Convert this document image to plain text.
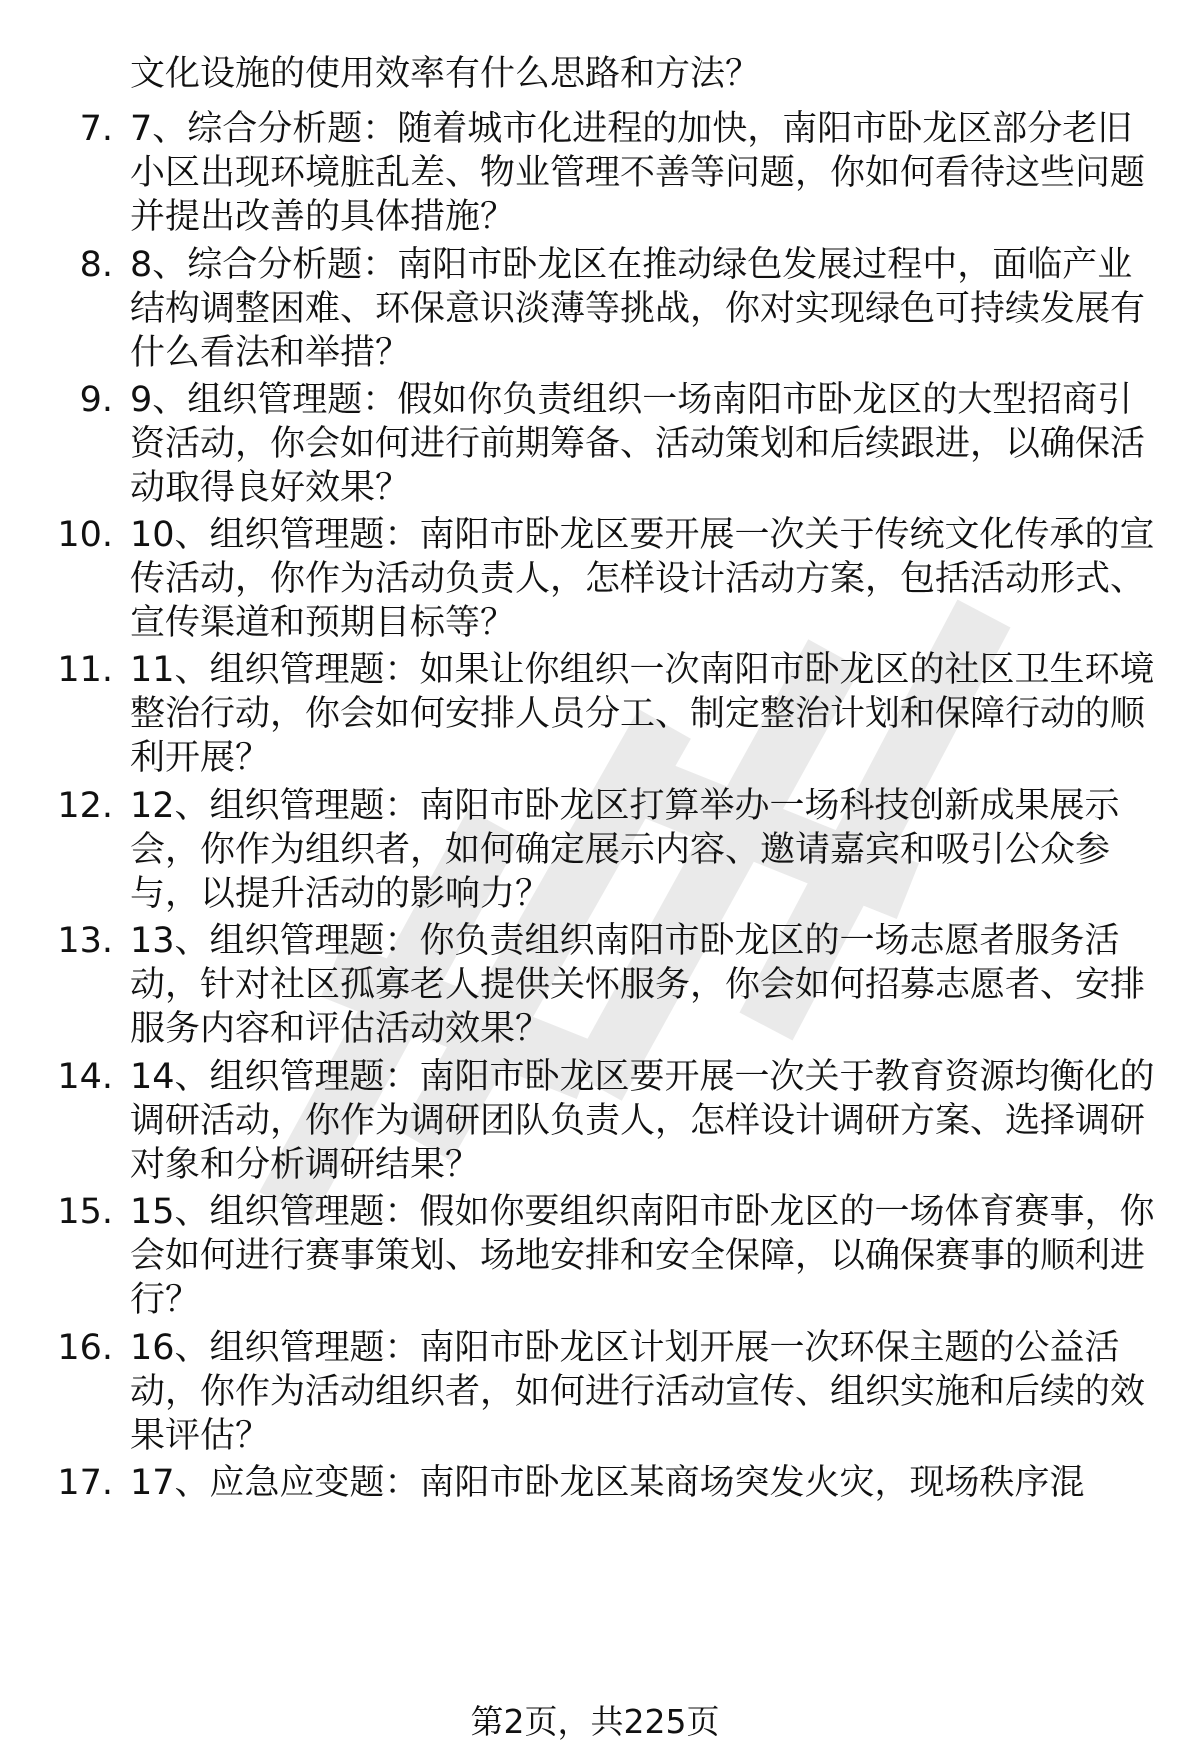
文化设施的使用效率有什么思路和方法？
7. 7、综合分析题：随着城市化进程的加快，南阳市卧龙区部分老旧小区出现环境脏乱差、物业管理不善等问题，你如何看待这些问题并提出改善的具体措施？
8. 8、综合分析题：南阳市卧龙区在推动绿色发展过程中，面临产业结构调整困难、环保意识淡薄等挑战，你对实现绿色可持续发展有什么看法和举措？
9. 9、组织管理题：假如你负责组织一场南阳市卧龙区的大型招商引资活动，你会如何进行前期筹备、活动策划和后续跟进，以确保活动取得良好效果？
10. 10、组织管理题：南阳市卧龙区要开展一次关于传统文化传承的宣传活动，你作为活动负责人，怎样设计活动方案，包括活动形式、宣传渠道和预期目标等？
11. 11、组织管理题：如果让你组织一次南阳市卧龙区的社区卫生环境整治行动，你会如何安排人员分工、制定整治计划和保障行动的顺利开展？
12. 12、组织管理题：南阳市卧龙区打算举办一场科技创新成果展示会，你作为组织者，如何确定展示内容、邀请嘉宾和吸引公众参与，以提升活动的影响力？
13. 13、组织管理题：你负责组织南阳市卧龙区的一场志愿者服务活动，针对社区孤寡老人提供关怀服务，你会如何招募志愿者、安排服务内容和评估活动效果？
14. 14、组织管理题：南阳市卧龙区要开展一次关于教育资源均衡化的调研活动，你作为调研团队负责人，怎样设计调研方案、选择调研对象和分析调研结果？
15. 15、组织管理题：假如你要组织南阳市卧龙区的一场体育赛事，你会如何进行赛事策划、场地安排和安全保障，以确保赛事的顺利进行？
16. 16、组织管理题：南阳市卧龙区计划开展一次环保主题的公益活动，你作为活动组织者，如何进行活动宣传、组织实施和后续的效果评估？
17. 17、应急应变题：南阳市卧龙区某商场突发火灾，现场秩序混
第2页，共225页
